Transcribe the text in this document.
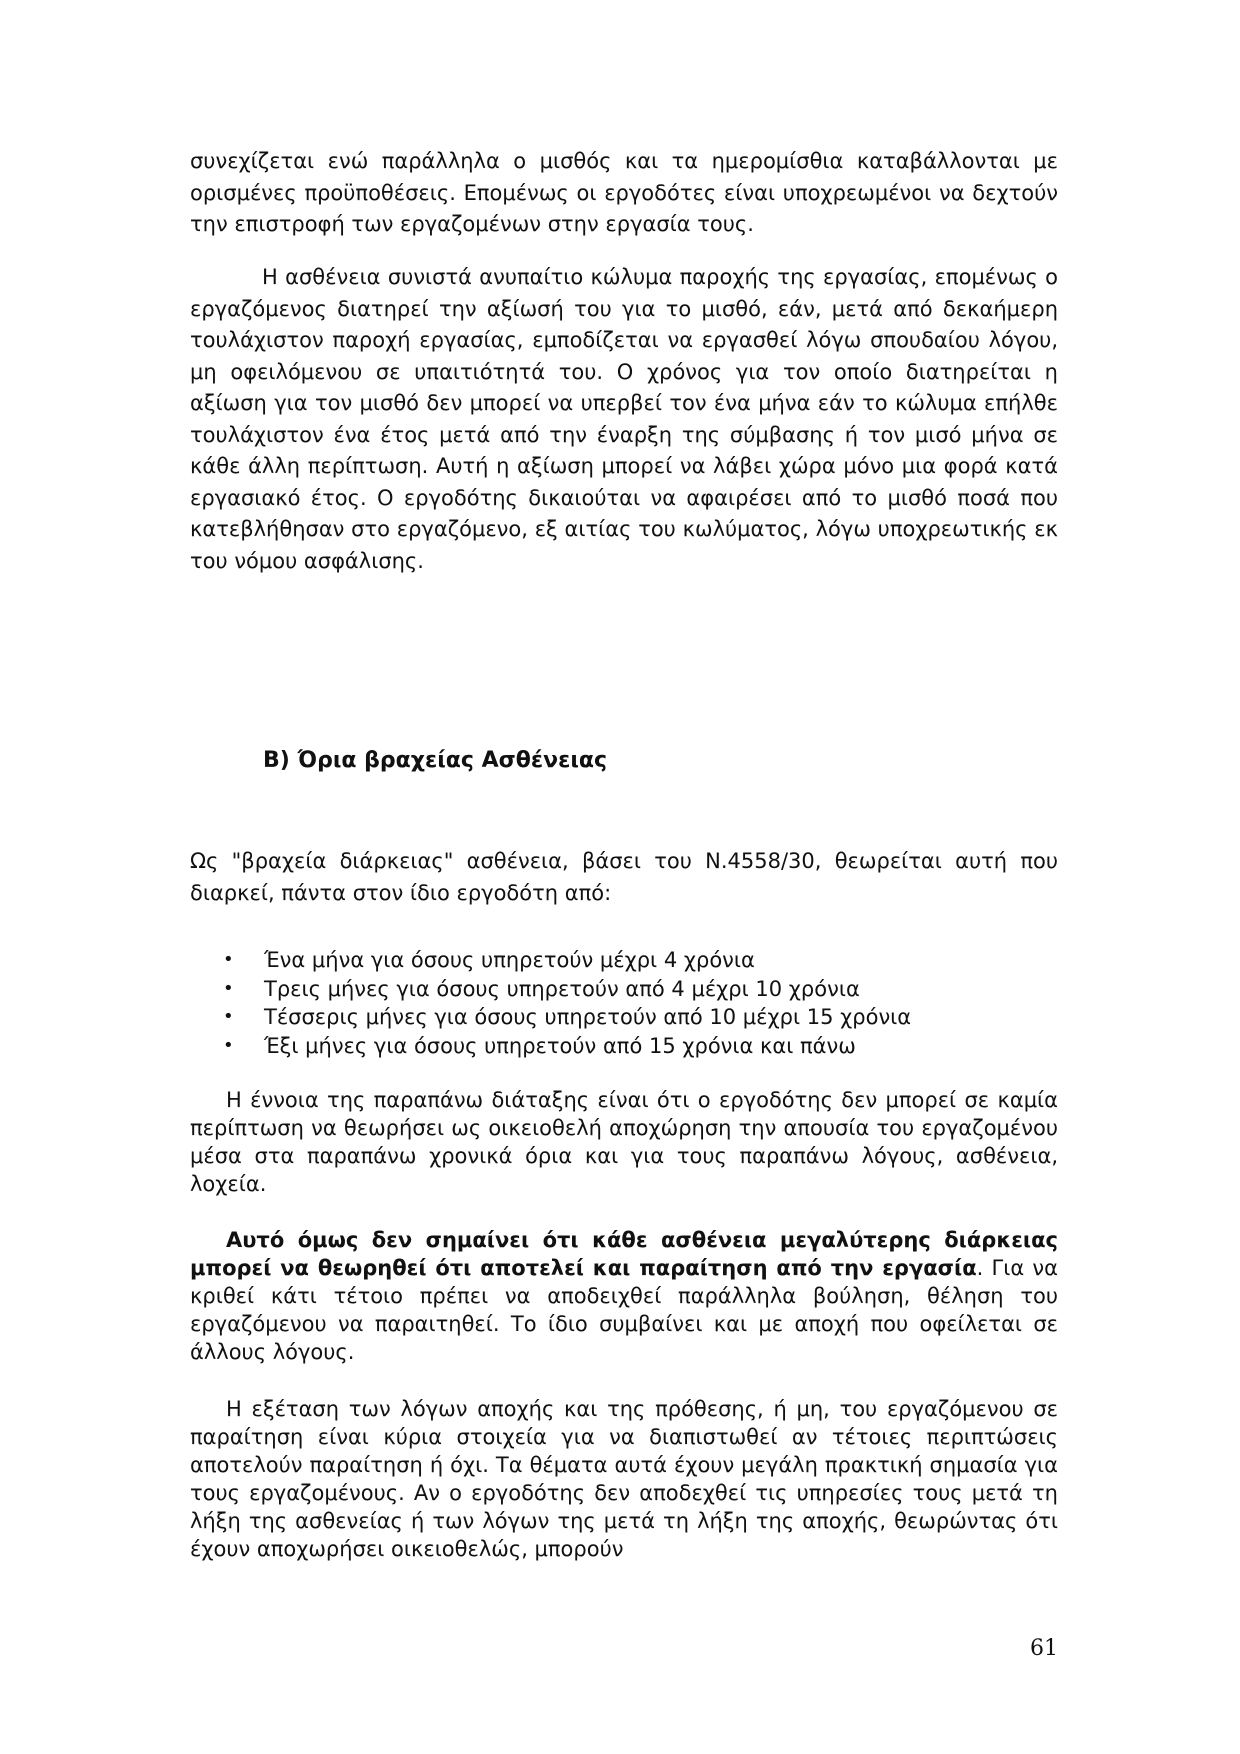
συνεχίζεται ενώ παράλληλα ο μισθός και τα ημερομίσθια καταβάλλονται με ορισμένες προϋποθέσεις. Επομένως οι εργοδότες είναι υποχρεωμένοι να δεχτούν την επιστροφή των εργαζομένων στην εργασία τους.

Η ασθένεια συνιστά ανυπαίτιο κώλυμα παροχής της εργασίας, επομένως ο εργαζόμενος διατηρεί την αξίωσή του για το μισθό, εάν, μετά από δεκαήμερη τουλάχιστον παροχή εργασίας, εμποδίζεται να εργασθεί λόγω σπουδαίου λόγου, μη οφειλόμενου σε υπαιτιότητά του. Ο χρόνος για τον οποίο διατηρείται η αξίωση για τον μισθό δεν μπορεί να υπερβεί τον ένα μήνα εάν το κώλυμα επήλθε τουλάχιστον ένα έτος μετά από την έναρξη της σύμβασης ή τον μισό μήνα σε κάθε άλλη περίπτωση. Αυτή η αξίωση μπορεί να λάβει χώρα μόνο μια φορά κατά εργασιακό έτος. Ο εργοδότης δικαιούται να αφαιρέσει από το μισθό ποσά που κατεβλήθησαν στο εργαζόμενο, εξ αιτίας του κωλύματος, λόγω υποχρεωτικής εκ του νόμου ασφάλισης.

Β) Όρια βραχείας Ασθένειας

Ως "βραχεία διάρκειας" ασθένεια, βάσει του Ν.4558/30, θεωρείται αυτή που διαρκεί, πάντα στον ίδιο εργοδότη από:

• Ένα μήνα για όσους υπηρετούν μέχρι 4 χρόνια
• Τρεις μήνες για όσους υπηρετούν από 4 μέχρι 10 χρόνια
• Τέσσερις μήνες για όσους υπηρετούν από 10 μέχρι 15 χρόνια
• Έξι μήνες για όσους υπηρετούν από 15 χρόνια και πάνω

Η έννοια της παραπάνω διάταξης είναι ότι ο εργοδότης δεν μπορεί σε καμία περίπτωση να θεωρήσει ως οικειοθελή αποχώρηση την απουσία του εργαζομένου μέσα στα παραπάνω χρονικά όρια και για τους παραπάνω λόγους, ασθένεια, λοχεία.

Αυτό όμως δεν σημαίνει ότι κάθε ασθένεια μεγαλύτερης διάρκειας μπορεί να θεωρηθεί ότι αποτελεί και παραίτηση από την εργασία. Για να κριθεί κάτι τέτοιο πρέπει να αποδειχθεί παράλληλα βούληση, θέληση του εργαζόμενου να παραιτηθεί. Το ίδιο συμβαίνει και με αποχή που οφείλεται σε άλλους λόγους.

Η εξέταση των λόγων αποχής και της πρόθεσης, ή μη, του εργαζόμενου σε παραίτηση είναι κύρια στοιχεία για να διαπιστωθεί αν τέτοιες περιπτώσεις αποτελούν παραίτηση ή όχι. Τα θέματα αυτά έχουν μεγάλη πρακτική σημασία για τους εργαζομένους. Αν ο εργοδότης δεν αποδεχθεί τις υπηρεσίες τους μετά τη λήξη της ασθενείας ή των λόγων της μετά τη λήξη της αποχής, θεωρώντας ότι έχουν αποχωρήσει οικειοθελώς, μπορούν

61
